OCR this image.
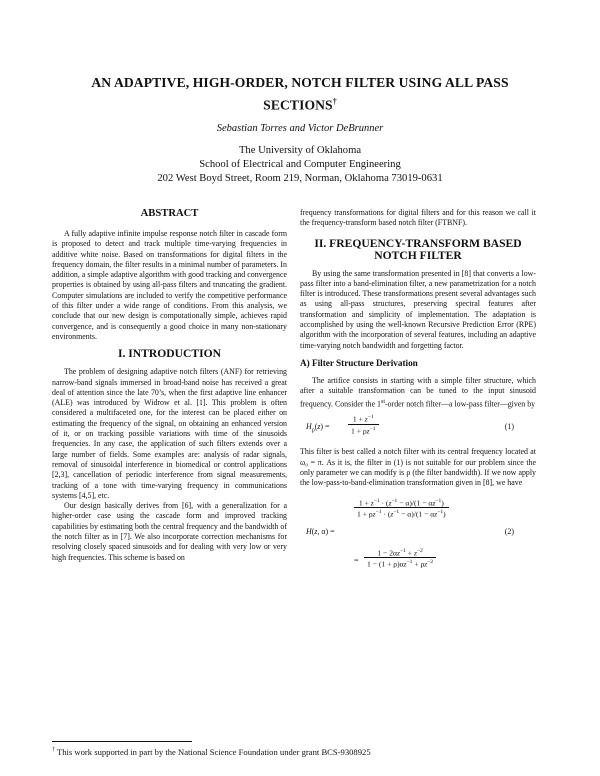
AN ADAPTIVE, HIGH-ORDER, NOTCH FILTER USING ALL PASS SECTIONS†
Sebastian Torres and Victor DeBrunner
The University of Oklahoma
School of Electrical and Computer Engineering
202 West Boyd Street, Room 219, Norman, Oklahoma 73019-0631
ABSTRACT

A fully adaptive infinite impulse response notch filter in cascade form is proposed to detect and track multiple time-varying frequencies in additive white noise. Based on transformations for digital filters in the frequency domain, the filter results in a minimal number of parameters. In addition, a simple adaptive algorithm with good tracking and convergence properties is obtained by using all-pass filters and truncating the gradient. Computer simulations are included to verify the competitive performance of this filter under a wide range of conditions. From this analysis, we conclude that our new design is computationally simple, achieves rapid convergence, and is consequently a good choice in many non-stationary environments.

I. INTRODUCTION

The problem of designing adaptive notch filters (ANF) for retrieving narrow-band signals immersed in broad-band noise has received a great deal of attention since the late 70’s, when the first adaptive line enhancer (ALE) was introduced by Widrow et al. [1]. This problem is often considered a multifaceted one, for the interest can be placed either on estimating the frequency of the signal, on obtaining an enhanced version of it, or on tracking possible variations with time of the sinusoids frequencies. In any case, the application of such filters extends over a large number of fields. Some examples are: analysis of radar signals, removal of sinusoidal interference in biomedical or control applications [2,3], cancellation of periodic interference from signal measurements, tracking of a tone with time-varying frequency in communications systems [4,5], etc.

Our design basically derives from [6], with a generalization for a higher-order case using the cascade form and improved tracking capabilities by estimating both the central frequency and the bandwidth of the notch filter as in [7]. We also incorporate correction mechanisms for resolving closely spaced sinusoids and for dealing with very low or very high frequencies. This scheme is based on

frequency transformations for digital filters and for this reason we call it the frequency-transform based notch filter (FTBNF).

II. FREQUENCY-TRANSFORM BASED NOTCH FILTER

By using the same transformation presented in [8] that converts a low-pass filter into a band-elimination filter, a new parametrization for a notch filter is introduced. These transformations present several advantages such as using all-pass structures, preserving spectral features after transformation and simplicity of implementation. The adaptation is accomplished by using the well-known Recursive Prediction Error (RPE) algorithm with the incorporation of several features, including an adaptive time-varying notch bandwidth and forgetting factor.

A) Filter Structure Derivation

The artifice consists in starting with a simple filter structure, which after a suitable transformation can be tuned to the input sinusoid frequency. Consider the 1st-order notch filter—a low-pass filter—given by

$H_\rho(z) = \frac{1 + z^{-1}}{1 + \rho z^{-1}}$	(1)

This filter is best called a notch filter with its central frequency located at ω₀ = π. As it is, the filter in (1) is not suitable for our problem since the only parameter we can modify is ρ (the filter bandwidth). If we now apply the low-pass-to-band-elimination transformation given in [8], we have

H(z, α) =
$\frac{1 + z^{-1} \cdot (z^{-1} - \alpha)/(1 - \alpha z^{-1})}{1 + \rho z^{-1} \cdot (z^{-1} - \alpha)/(1 - \alpha z^{-1})}$
= $\frac{1 - 2\alpha z^{-1} + z^{-2}}{1 - (1 + \rho)\alpha z^{-1} + \rho z^{-2}}$
(2)
† This work supported in part by the National Science Foundation under grant BCS-9308925
